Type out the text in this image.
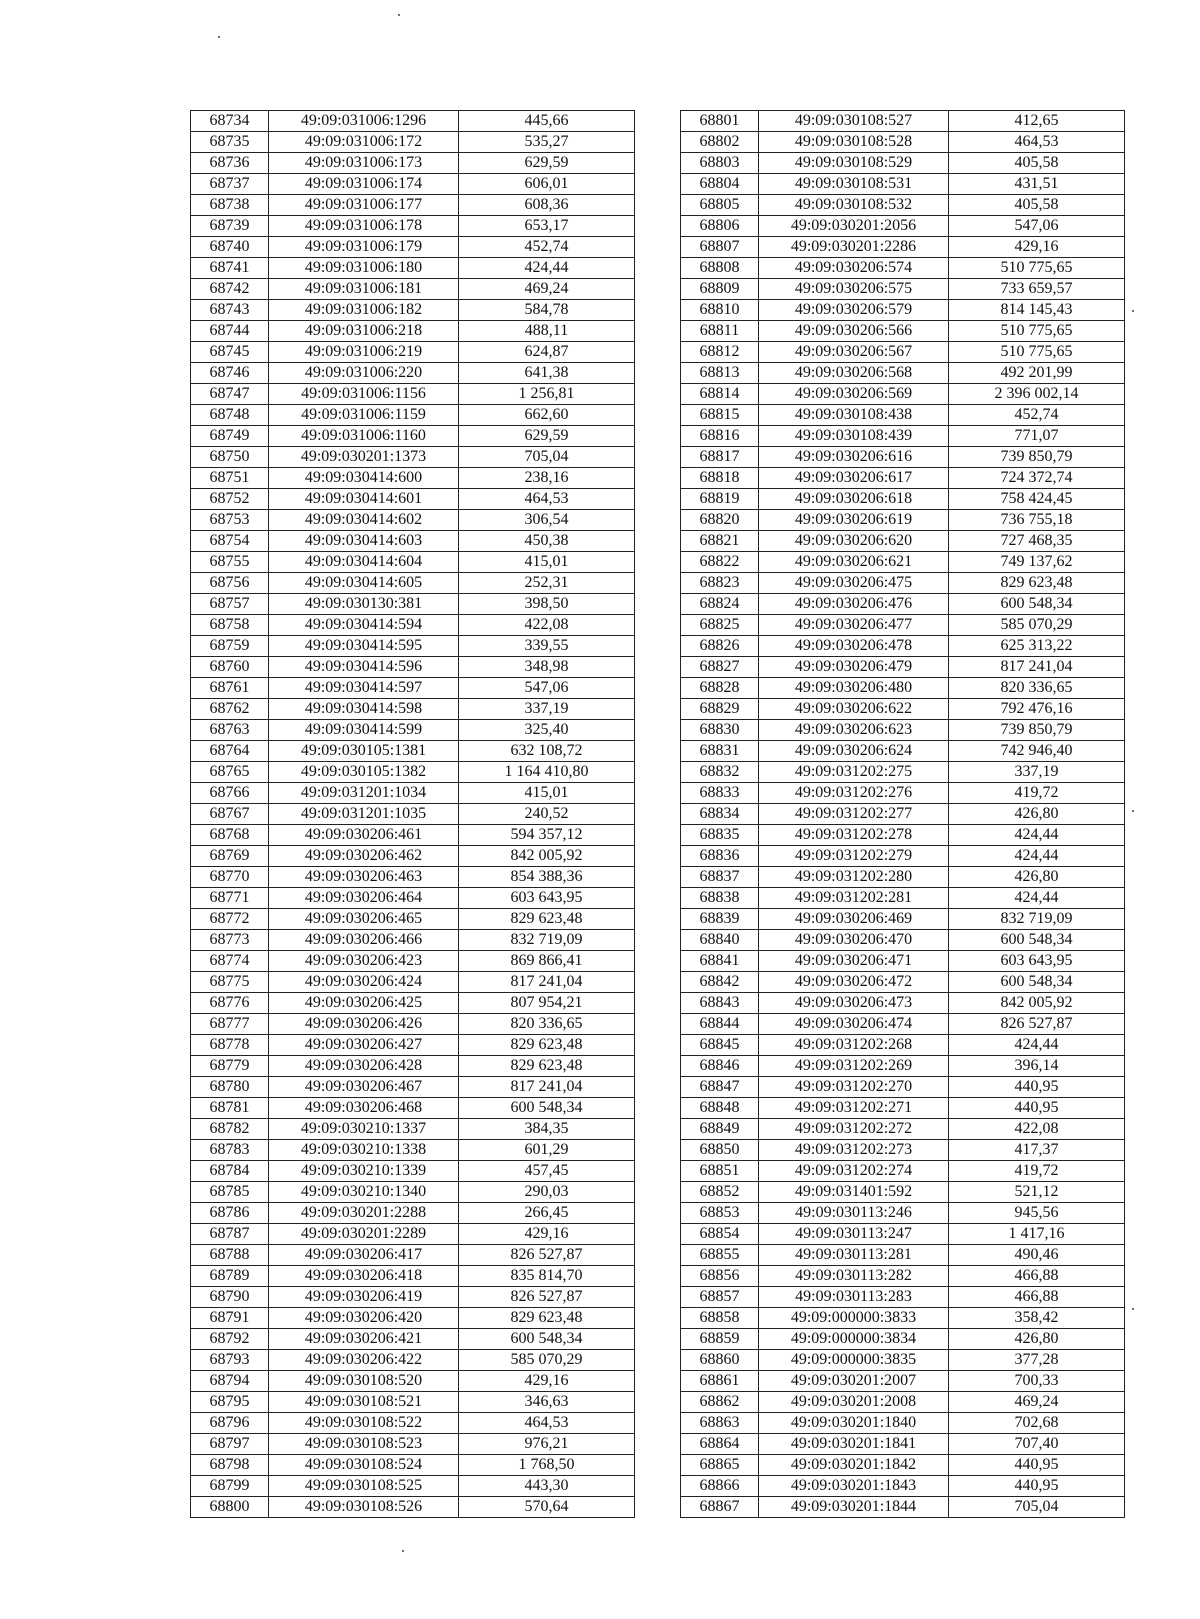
68734	49:09:031006:1296	445,66
68735	49:09:031006:172	535,27
68736	49:09:031006:173	629,59
68737	49:09:031006:174	606,01
68738	49:09:031006:177	608,36
68739	49:09:031006:178	653,17
68740	49:09:031006:179	452,74
68741	49:09:031006:180	424,44
68742	49:09:031006:181	469,24
68743	49:09:031006:182	584,78
68744	49:09:031006:218	488,11
68745	49:09:031006:219	624,87
68746	49:09:031006:220	641,38
68747	49:09:031006:1156	1 256,81
68748	49:09:031006:1159	662,60
68749	49:09:031006:1160	629,59
68750	49:09:030201:1373	705,04
68751	49:09:030414:600	238,16
68752	49:09:030414:601	464,53
68753	49:09:030414:602	306,54
68754	49:09:030414:603	450,38
68755	49:09:030414:604	415,01
68756	49:09:030414:605	252,31
68757	49:09:030130:381	398,50
68758	49:09:030414:594	422,08
68759	49:09:030414:595	339,55
68760	49:09:030414:596	348,98
68761	49:09:030414:597	547,06
68762	49:09:030414:598	337,19
68763	49:09:030414:599	325,40
68764	49:09:030105:1381	632 108,72
68765	49:09:030105:1382	1 164 410,80
68766	49:09:031201:1034	415,01
68767	49:09:031201:1035	240,52
68768	49:09:030206:461	594 357,12
68769	49:09:030206:462	842 005,92
68770	49:09:030206:463	854 388,36
68771	49:09:030206:464	603 643,95
68772	49:09:030206:465	829 623,48
68773	49:09:030206:466	832 719,09
68774	49:09:030206:423	869 866,41
68775	49:09:030206:424	817 241,04
68776	49:09:030206:425	807 954,21
68777	49:09:030206:426	820 336,65
68778	49:09:030206:427	829 623,48
68779	49:09:030206:428	829 623,48
68780	49:09:030206:467	817 241,04
68781	49:09:030206:468	600 548,34
68782	49:09:030210:1337	384,35
68783	49:09:030210:1338	601,29
68784	49:09:030210:1339	457,45
68785	49:09:030210:1340	290,03
68786	49:09:030201:2288	266,45
68787	49:09:030201:2289	429,16
68788	49:09:030206:417	826 527,87
68789	49:09:030206:418	835 814,70
68790	49:09:030206:419	826 527,87
68791	49:09:030206:420	829 623,48
68792	49:09:030206:421	600 548,34
68793	49:09:030206:422	585 070,29
68794	49:09:030108:520	429,16
68795	49:09:030108:521	346,63
68796	49:09:030108:522	464,53
68797	49:09:030108:523	976,21
68798	49:09:030108:524	1 768,50
68799	49:09:030108:525	443,30
68800	49:09:030108:526	570,64
68801	49:09:030108:527	412,65
68802	49:09:030108:528	464,53
68803	49:09:030108:529	405,58
68804	49:09:030108:531	431,51
68805	49:09:030108:532	405,58
68806	49:09:030201:2056	547,06
68807	49:09:030201:2286	429,16
68808	49:09:030206:574	510 775,65
68809	49:09:030206:575	733 659,57
68810	49:09:030206:579	814 145,43
68811	49:09:030206:566	510 775,65
68812	49:09:030206:567	510 775,65
68813	49:09:030206:568	492 201,99
68814	49:09:030206:569	2 396 002,14
68815	49:09:030108:438	452,74
68816	49:09:030108:439	771,07
68817	49:09:030206:616	739 850,79
68818	49:09:030206:617	724 372,74
68819	49:09:030206:618	758 424,45
68820	49:09:030206:619	736 755,18
68821	49:09:030206:620	727 468,35
68822	49:09:030206:621	749 137,62
68823	49:09:030206:475	829 623,48
68824	49:09:030206:476	600 548,34
68825	49:09:030206:477	585 070,29
68826	49:09:030206:478	625 313,22
68827	49:09:030206:479	817 241,04
68828	49:09:030206:480	820 336,65
68829	49:09:030206:622	792 476,16
68830	49:09:030206:623	739 850,79
68831	49:09:030206:624	742 946,40
68832	49:09:031202:275	337,19
68833	49:09:031202:276	419,72
68834	49:09:031202:277	426,80
68835	49:09:031202:278	424,44
68836	49:09:031202:279	424,44
68837	49:09:031202:280	426,80
68838	49:09:031202:281	424,44
68839	49:09:030206:469	832 719,09
68840	49:09:030206:470	600 548,34
68841	49:09:030206:471	603 643,95
68842	49:09:030206:472	600 548,34
68843	49:09:030206:473	842 005,92
68844	49:09:030206:474	826 527,87
68845	49:09:031202:268	424,44
68846	49:09:031202:269	396,14
68847	49:09:031202:270	440,95
68848	49:09:031202:271	440,95
68849	49:09:031202:272	422,08
68850	49:09:031202:273	417,37
68851	49:09:031202:274	419,72
68852	49:09:031401:592	521,12
68853	49:09:030113:246	945,56
68854	49:09:030113:247	1 417,16
68855	49:09:030113:281	490,46
68856	49:09:030113:282	466,88
68857	49:09:030113:283	466,88
68858	49:09:000000:3833	358,42
68859	49:09:000000:3834	426,80
68860	49:09:000000:3835	377,28
68861	49:09:030201:2007	700,33
68862	49:09:030201:2008	469,24
68863	49:09:030201:1840	702,68
68864	49:09:030201:1841	707,40
68865	49:09:030201:1842	440,95
68866	49:09:030201:1843	440,95
68867	49:09:030201:1844	705,04
